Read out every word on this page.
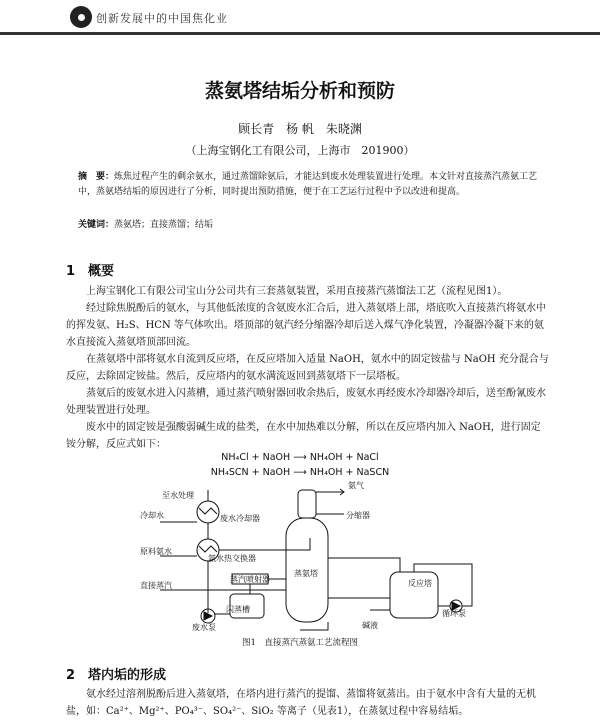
创新发展中的中国焦化业
蒸氨塔结垢分析和预防
顾长青　杨 帆　朱晓渊
（上海宝钢化工有限公司，上海市　201900）
摘　要：炼焦过程产生的剩余氨水，通过蒸馏除氨后，才能达到废水处理装置进行处理。本文针对直接蒸汽蒸氨工艺中，蒸氨塔结垢的原因进行了分析，同时提出预防措施，便于在工艺运行过程中予以改进和提高。
关键词：蒸氨塔；直接蒸馏；结垢
1　概要
上海宝钢化工有限公司宝山分公司共有三套蒸氨装置，采用直接蒸汽蒸馏法工艺（流程见图1）。
经过除焦脱酚后的氨水，与其他低浓度的含氨废水汇合后，进入蒸氨塔上部，塔底吹入直接蒸汽将氨水中的挥发氨、H₂S、HCN 等气体吹出。塔顶部的氨汽经分缩器冷却后送入煤气净化装置，冷凝器冷凝下来的氨水直接流入蒸氨塔顶部回流。
在蒸氨塔中部将氨水自流到反应塔，在反应塔加入适量 NaOH，氨水中的固定铵盐与 NaOH 充分混合与反应，去除固定铵盐。然后，反应塔内的氨水满流返回到蒸氨塔下一层塔板。
蒸氨后的废氨水进入闪蒸槽，通过蒸汽喷射器回收余热后，废氨水再经废水冷却器冷却后，送至酚氰废水处理装置进行处理。
废水中的固定铵是强酸弱碱生成的盐类，在水中加热难以分解，所以在反应塔内加入 NaOH，进行固定铵分解，反应式如下：
NH₄Cl + NaOH ⟶ NH₄OH + NaCl
NH₄SCN + NaOH ⟶ NH₄OH + NaSCN
至水处理
冷却水	废水冷却器
原料氨水
氨水热交换器
直接蒸汽
蒸汽喷射器
闪蒸槽
废水泵
氨气
分缩器
蒸氨塔
反应塔
循环泵
碱液
图1　直接蒸汽蒸氨工艺流程图
2　塔内垢的形成
氨水经过溶剂脱酚后进入蒸氨塔，在塔内进行蒸汽的提馏、蒸馏将氨蒸出。由于氨水中含有大量的无机盐，如：Ca²⁺、Mg²⁺、PO₄³⁻、SO₄²⁻、SiO₂ 等离子（见表1），在蒸氨过程中容易结垢。
